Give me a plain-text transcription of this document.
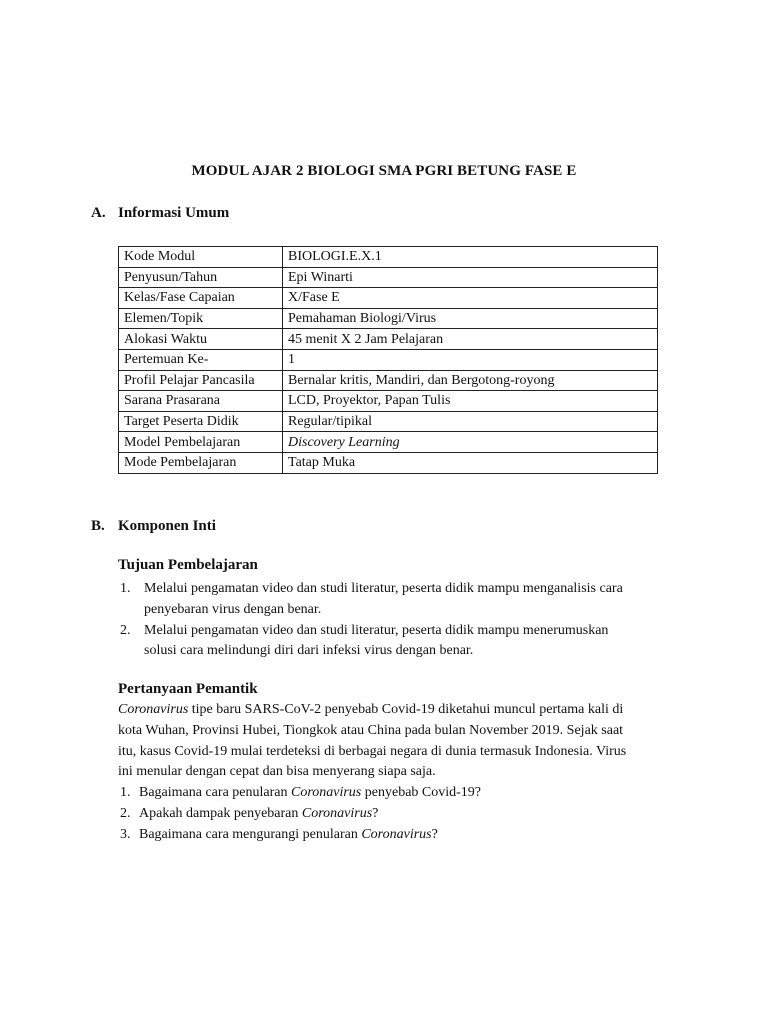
MODUL AJAR 2 BIOLOGI SMA PGRI BETUNG FASE E
A. Informasi Umum
Kode Modul	BIOLOGI.E.X.1
Penyusun/Tahun	Epi Winarti
Kelas/Fase Capaian	X/Fase E
Elemen/Topik	Pemahaman Biologi/Virus
Alokasi Waktu	45 menit X 2 Jam Pelajaran
Pertemuan Ke-	1
Profil Pelajar Pancasila	Bernalar kritis, Mandiri, dan Bergotong-royong
Sarana Prasarana	LCD, Proyektor, Papan Tulis
Target Peserta Didik	Regular/tipikal
Model Pembelajaran	Discovery Learning
Mode Pembelajaran	Tatap Muka
B. Komponen Inti
Tujuan Pembelajaran
1. Melalui pengamatan video dan studi literatur, peserta didik mampu menganalisis cara
penyebaran virus dengan benar.
2. Melalui pengamatan video dan studi literatur, peserta didik mampu menerumuskan
solusi cara melindungi diri dari infeksi virus dengan benar.
Pertanyaan Pemantik
Coronavirus tipe baru SARS-CoV-2 penyebab Covid-19 diketahui muncul pertama kali di
kota Wuhan, Provinsi Hubei, Tiongkok atau China pada bulan November 2019. Sejak saat
itu, kasus Covid-19 mulai terdeteksi di berbagai negara di dunia termasuk Indonesia. Virus
ini menular dengan cepat dan bisa menyerang siapa saja.
1. Bagaimana cara penularan Coronavirus penyebab Covid-19?
2. Apakah dampak penyebaran Coronavirus?
3. Bagaimana cara mengurangi penularan Coronavirus?
